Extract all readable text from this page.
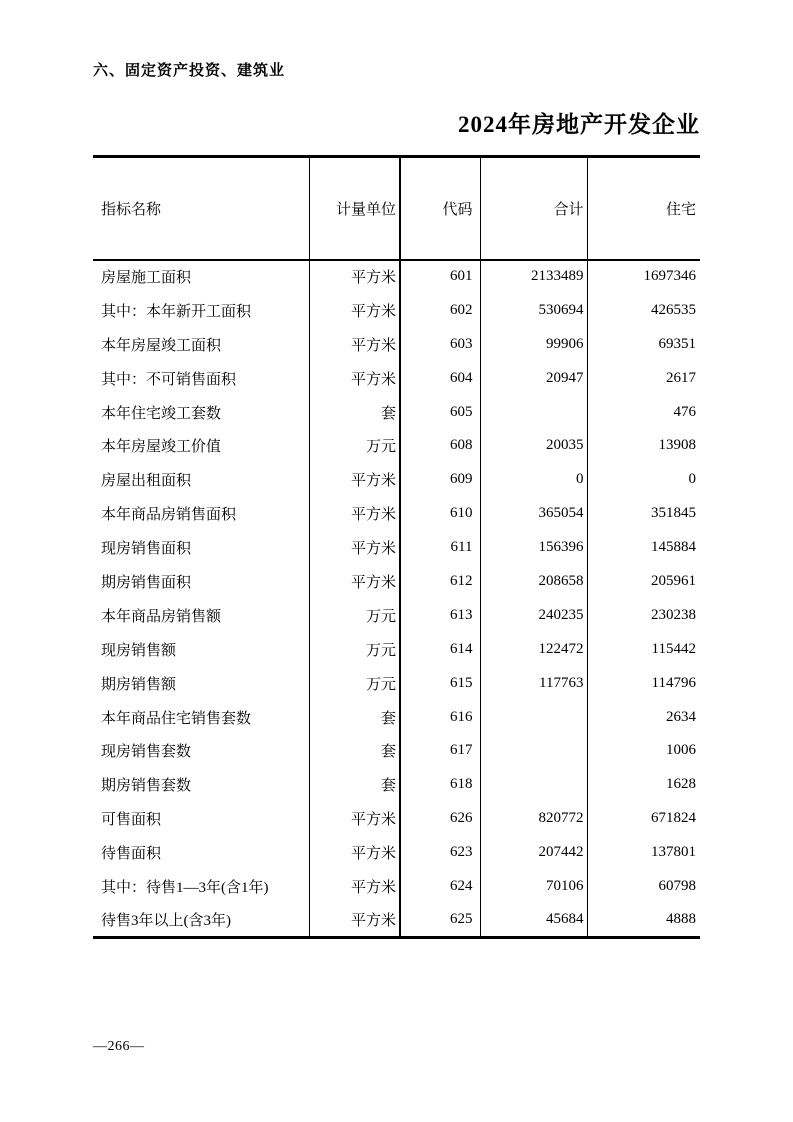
六、固定资产投资、建筑业
2024年房地产开发企业
指标名称	计量单位	代码	合计	住宅
房屋施工面积	平方米	601	2133489	1697346
其中：本年新开工面积	平方米	602	530694	426535
本年房屋竣工面积	平方米	603	99906	69351
其中：不可销售面积	平方米	604	20947	2617
本年住宅竣工套数	套	605		476
本年房屋竣工价值	万元	608	20035	13908
房屋出租面积	平方米	609	0	0
本年商品房销售面积	平方米	610	365054	351845
现房销售面积	平方米	611	156396	145884
期房销售面积	平方米	612	208658	205961
本年商品房销售额	万元	613	240235	230238
现房销售额	万元	614	122472	115442
期房销售额	万元	615	117763	114796
本年商品住宅销售套数	套	616		2634
现房销售套数	套	617		1006
期房销售套数	套	618		1628
可售面积	平方米	626	820772	671824
待售面积	平方米	623	207442	137801
其中：待售1—3年(含1年)	平方米	624	70106	60798
待售3年以上(含3年)	平方米	625	45684	4888
—266—
